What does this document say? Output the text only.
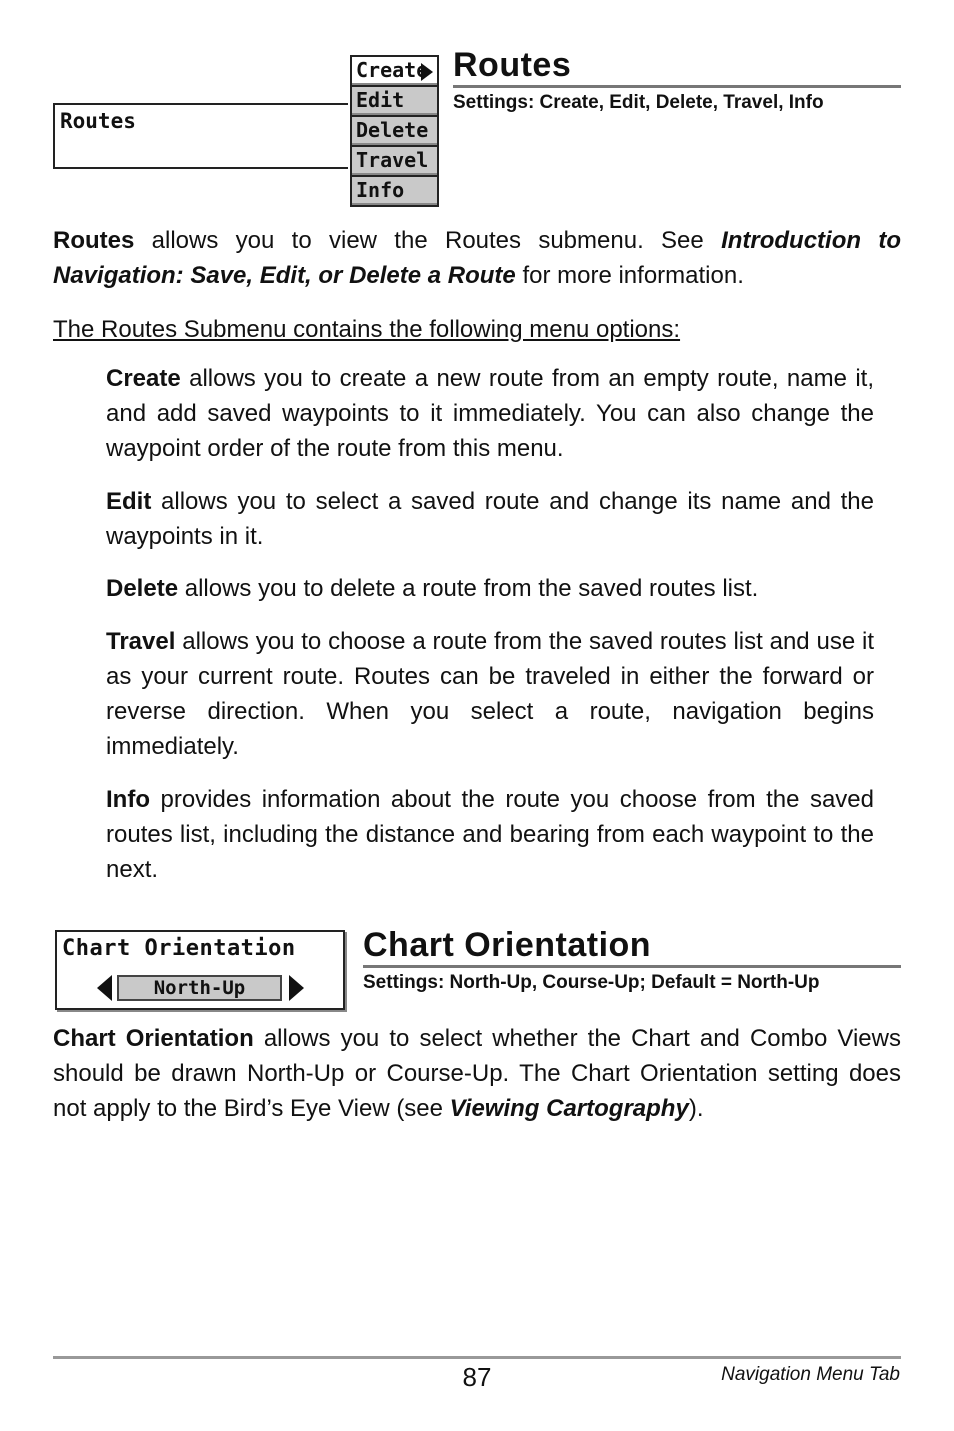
Routes
Create
Edit
Delete
Travel
Info
Routes
Settings: Create, Edit, Delete, Travel, Info

Routes allows you to view the Routes submenu. See Introduction to Navigation: Save, Edit, or Delete a Route for more information.

The Routes Submenu contains the following menu options:

Create allows you to create a new route from an empty route, name it, and add saved waypoints to it immediately. You can also change the waypoint order of the route from this menu.

Edit allows you to select a saved route and change its name and the waypoints in it.

Delete allows you to delete a route from the saved routes list.

Travel allows you to choose a route from the saved routes list and use it as your current route. Routes can be traveled in either the forward or reverse direction. When you select a route, navigation begins immediately.

Info provides information about the route you choose from the saved routes list, including the distance and bearing from each waypoint to the next.

Chart Orientation
North-Up
Chart Orientation
Settings: North-Up, Course-Up; Default = North-Up

Chart Orientation allows you to select whether the Chart and Combo Views should be drawn North-Up or Course-Up. The Chart Orientation setting does not apply to the Bird’s Eye View (see Viewing Cartography).

87	Navigation Menu Tab
